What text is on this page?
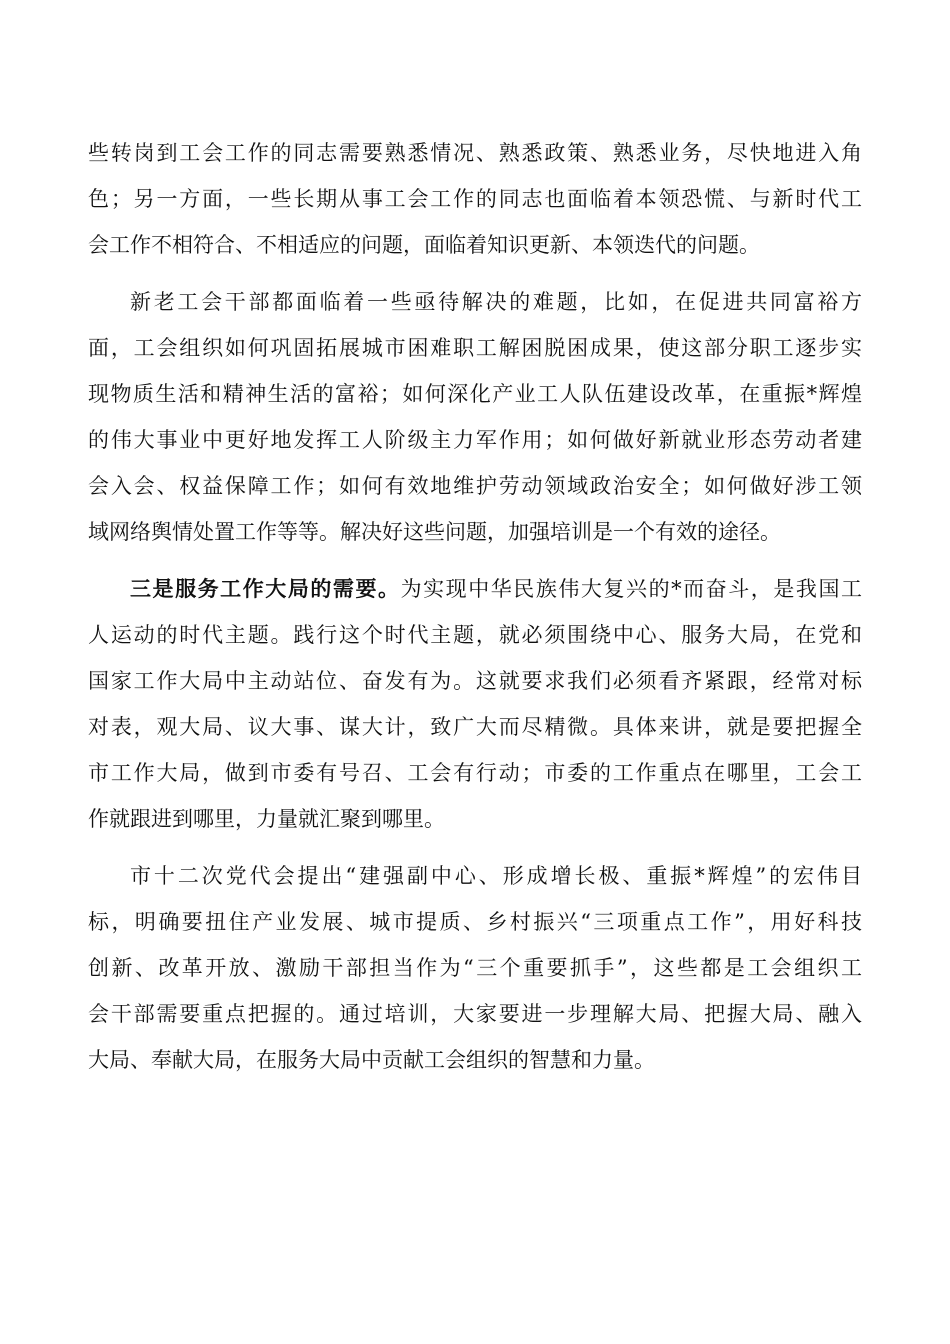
些转岗到工会工作的同志需要熟悉情况、熟悉政策、熟悉业务，尽快地进入角
色；另一方面，一些长期从事工会工作的同志也面临着本领恐慌、与新时代工
会工作不相符合、不相适应的问题，面临着知识更新、本领迭代的问题。
新老工会干部都面临着一些亟待解决的难题，比如，在促进共同富裕方
面，工会组织如何巩固拓展城市困难职工解困脱困成果，使这部分职工逐步实
现物质生活和精神生活的富裕；如何深化产业工人队伍建设改革，在重振*辉煌
的伟大事业中更好地发挥工人阶级主力军作用；如何做好新就业形态劳动者建
会入会、权益保障工作；如何有效地维护劳动领域政治安全；如何做好涉工领
域网络舆情处置工作等等。解决好这些问题，加强培训是一个有效的途径。
三是服务工作大局的需要。为实现中华民族伟大复兴的*而奋斗，是我国工
人运动的时代主题。践行这个时代主题，就必须围绕中心、服务大局，在党和
国家工作大局中主动站位、奋发有为。这就要求我们必须看齐紧跟，经常对标
对表，观大局、议大事、谋大计，致广大而尽精微。具体来讲，就是要把握全
市工作大局，做到市委有号召、工会有行动；市委的工作重点在哪里，工会工
作就跟进到哪里，力量就汇聚到哪里。
市十二次党代会提出“建强副中心、形成增长极、重振*辉煌”的宏伟目
标，明确要扭住产业发展、城市提质、乡村振兴“三项重点工作”，用好科技
创新、改革开放、激励干部担当作为“三个重要抓手”，这些都是工会组织工
会干部需要重点把握的。通过培训，大家要进一步理解大局、把握大局、融入
大局、奉献大局，在服务大局中贡献工会组织的智慧和力量。
